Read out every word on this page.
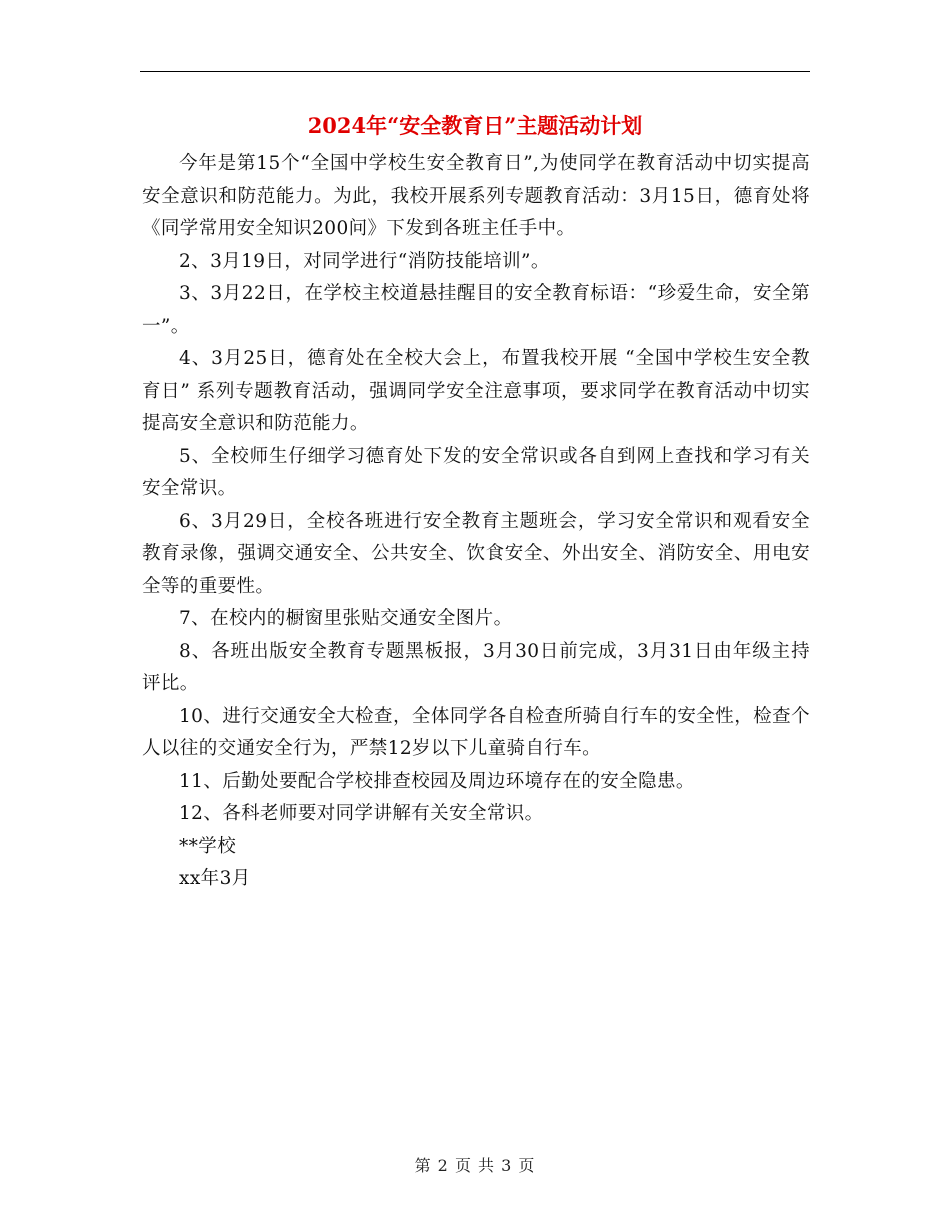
2024年“安全教育日”主题活动计划

今年是第15个“全国中学校生安全教育日”,为使同学在教育活动中切实提高安全意识和防范能力。为此，我校开展系列专题教育活动：3月15日，德育处将《同学常用安全知识200问》下发到各班主任手中。

2、3月19日，对同学进行“消防技能培训”。

3、3月22日，在学校主校道悬挂醒目的安全教育标语：“珍爱生命，安全第一”。

4、3月25日，德育处在全校大会上，布置我校开展 “全国中学校生安全教育日” 系列专题教育活动，强调同学安全注意事项，要求同学在教育活动中切实提高安全意识和防范能力。

5、全校师生仔细学习德育处下发的安全常识或各自到网上查找和学习有关安全常识。

6、3月29日，全校各班进行安全教育主题班会，学习安全常识和观看安全教育录像，强调交通安全、公共安全、饮食安全、外出安全、消防安全、用电安全等的重要性。

7、在校内的橱窗里张贴交通安全图片。

8、各班出版安全教育专题黑板报，3月30日前完成，3月31日由年级主持评比。

10、进行交通安全大检查，全体同学各自检查所骑自行车的安全性，检查个人以往的交通安全行为，严禁12岁以下儿童骑自行车。

11、后勤处要配合学校排查校园及周边环境存在的安全隐患。

12、各科老师要对同学讲解有关安全常识。

**学校

xx年3月

第 2 页 共 3 页
